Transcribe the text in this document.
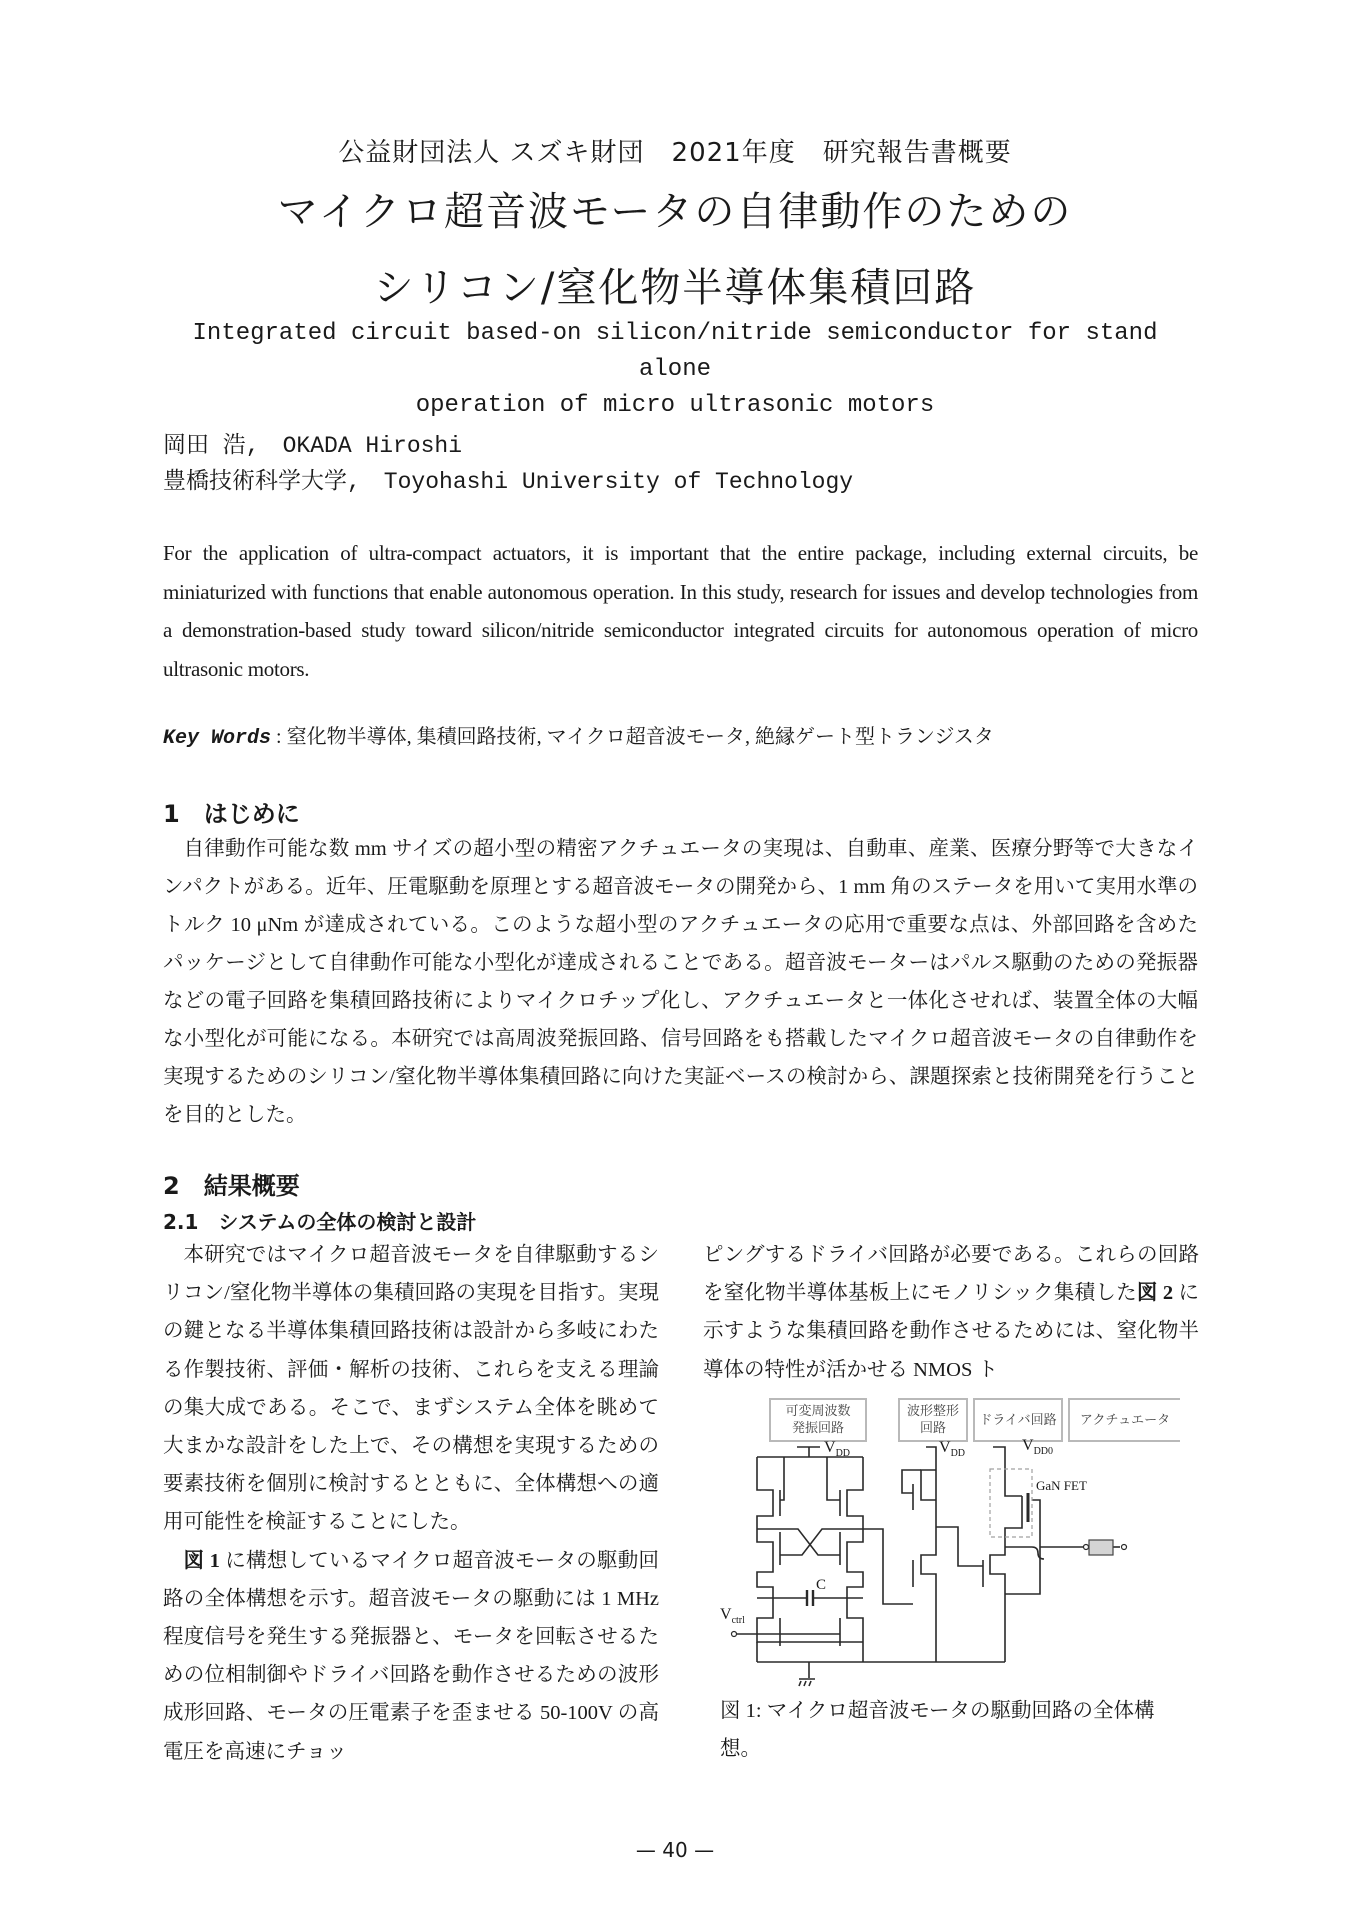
公益財団法人 スズキ財団　2021年度　研究報告書概要
マイクロ超音波モータの自律動作のための
シリコン/窒化物半導体集積回路
Integrated circuit based-on silicon/nitride semiconductor for stand alone
operation of micro ultrasonic motors
岡田 浩,　OKADA Hiroshi
豊橋技術科学大学,　Toyohashi University of Technology

For the application of ultra-compact actuators, it is important that the entire package, including external circuits, be miniaturized with functions that enable autonomous operation. In this study, research for issues and develop technologies from a demonstration-based study toward silicon/nitride semiconductor integrated circuits for autonomous operation of micro ultrasonic motors.

Key Words : 窒化物半導体, 集積回路技術, マイクロ超音波モータ, 絶縁ゲート型トランジスタ
1　はじめに

自律動作可能な数 mm サイズの超小型の精密アクチュエータの実現は、自動車、産業、医療分野等で大きなインパクトがある。近年、圧電駆動を原理とする超音波モータの開発から、1 mm 角のステータを用いて実用水準のトルク 10 μNm が達成されている。このような超小型のアクチュエータの応用で重要な点は、外部回路を含めたパッケージとして自律動作可能な小型化が達成されることである。超音波モーターはパルス駆動のための発振器などの電子回路を集積回路技術によりマイクロチップ化し、アクチュエータと一体化させれば、装置全体の大幅な小型化が可能になる。本研究では高周波発振回路、信号回路をも搭載したマイクロ超音波モータの自律動作を実現するためのシリコン/窒化物半導体集積回路に向けた実証ベースの検討から、課題探索と技術開発を行うことを目的とした。

2　結果概要
2.1　システムの全体の検討と設計

本研究ではマイクロ超音波モータを自律駆動するシリコン/窒化物半導体の集積回路の実現を目指す。実現の鍵となる半導体集積回路技術は設計から多岐にわたる作製技術、評価・解析の技術、これらを支える理論の集大成である。そこで、まずシステム全体を眺めて大まかな設計をした上で、その構想を実現するための要素技術を個別に検討するとともに、全体構想への適用可能性を検証することにした。

図 1 に構想しているマイクロ超音波モータの駆動回路の全体構想を示す。超音波モータの駆動には 1 MHz 程度信号を発生する発振器と、モータを回転させるための位相制御やドライバ回路を動作させるための波形成形回路、モータの圧電素子を歪ませる 50-100V の高電圧を高速にチョッ

ピングするドライバ回路が必要である。これらの回路を窒化物半導体基板上にモノリシック集積した図 2 に示すような集積回路を動作させるためには、窒化物半導体の特性が活かせる NMOS ト

可変周波数
発振回路
波形整形
回路
ドライバ回路	アクチュエータ
$V_{DD}$	$V_{DD}$	$V_{DD0}$
GaN FET
C
$V_{ctrl}$
図 1: マイクロ超音波モータの駆動回路の全体構想。
— 40 —
